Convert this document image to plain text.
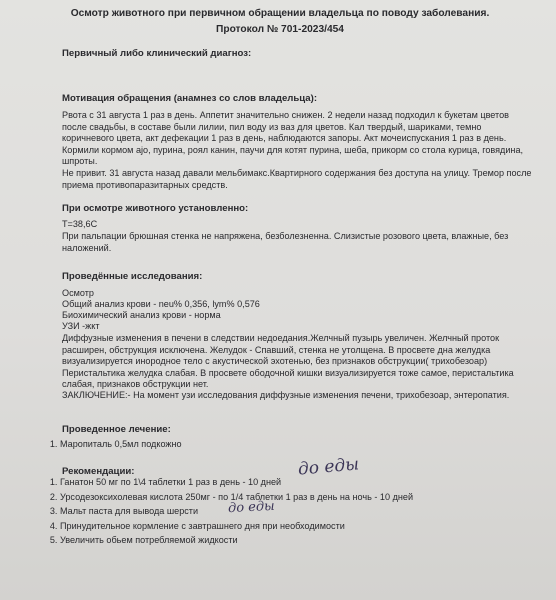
Осмотр животного при первичном обращении владельца по поводу заболевания.
Протокол № 701-2023/454
Первичный либо клинический диагноз:
Мотивация обращения (анамнез со слов владельца):
Рвота с 31 августа 1 раз в день. Аппетит значительно снижен. 2 недели назад подходил к букетам цветов после свадьбы, в составе были лилии, пил воду из ваз для цветов. Кал твердый, шариками, темно коричневого цвета, акт дефекации 1 раз в день, наблюдаются запоры. Акт мочеиспускания 1 раз в день. Кормили кормом ajo, пурина, роял канин, паучи для котят пурина, шеба, прикорм со стола курица, говядина, шпроты.
Не привит. 31 августа назад давали мельбимакс.Квартирного содержания без доступа на улицу. Тремор после приема противопаразитарных средств.
При осмотре животного установленно:
Т=38,6С
При пальпации брюшная стенка не напряжена, безболезненна. Слизистые розового цвета, влажные, без наложений.
Проведённые исследования:
Осмотр
Общий анализ крови - neu% 0,356, lym% 0,576
Биохимический анализ крови - норма
УЗИ -жкт
Диффузные изменения в печени в следствии недоедания.Желчный пузырь увеличен. Желчный проток расширен, обструкция исключена. Желудок - Спавший, стенка не утолщена. В просвете дна желудка визуализируется инородное тело с акустической эхотенью, без признаков обструкции( трихобезоар) Перистальтика желудка слабая. В просвете ободочной кишки визуализируется тоже самое, перистальтика слабая, признаков обструкции нет.
ЗАКЛЮЧЕНИЕ:- На момент узи исследования диффузные изменения печени, трихобезоар, энтеропатия.
Проведенное лечение:
1. Маропиталь 0,5мл подкожно
Рекомендации:
1. Ганатон 50 мг по 1\4 таблетки 1 раз в день - 10 дней
2. Урсодезоксихолевая кислота 250мг - по 1/4 таблетки 1 раз в день на ночь - 10 дней
3. Мальт паста для вывода шерсти
4. Принудительное кормление с завтрашнего дня при необходимости
5. Увеличить обьем потребляемой жидкости
до еды
до еды
